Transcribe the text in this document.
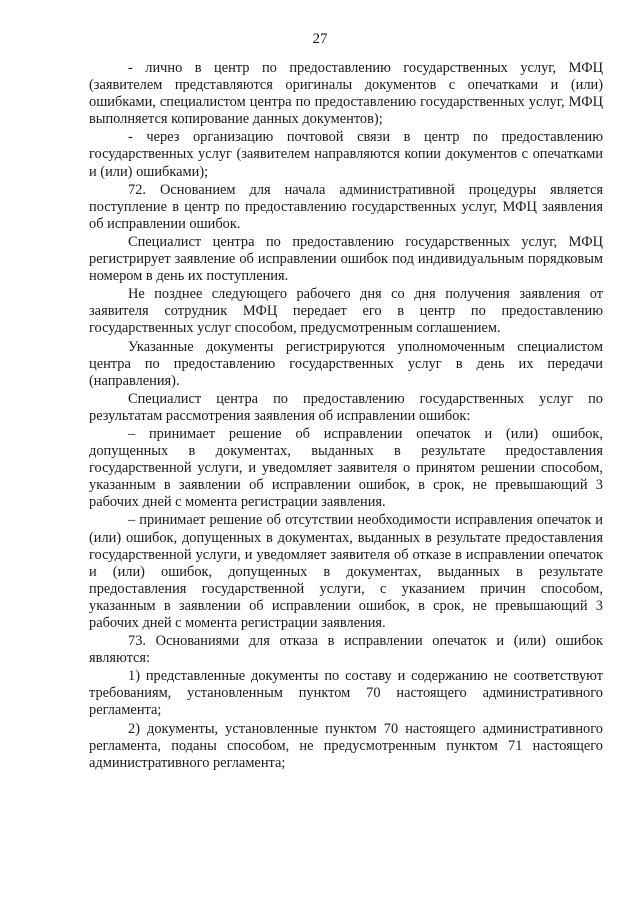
27

- лично в центр по предоставлению государственных услуг, МФЦ (заявителем представляются оригиналы документов с опечатками и (или) ошибками, специалистом центра по предоставлению государственных услуг, МФЦ выполняется копирование данных документов);

- через организацию почтовой связи в центр по предоставлению государственных услуг (заявителем направляются копии документов с опечатками и (или) ошибками);

72. Основанием для начала административной процедуры является поступление в центр по предоставлению государственных услуг, МФЦ заявления об исправлении ошибок.

Специалист центра по предоставлению государственных услуг, МФЦ регистрирует заявление об исправлении ошибок под индивидуальным порядковым номером в день их поступления.

Не позднее следующего рабочего дня со дня получения заявления от заявителя сотрудник МФЦ передает его в центр по предоставлению государственных услуг способом, предусмотренным соглашением.

Указанные документы регистрируются уполномоченным специалистом центра по предоставлению государственных услуг в день их передачи (направления).

Специалист центра по предоставлению государственных услуг по результатам рассмотрения заявления об исправлении ошибок:

– принимает решение об исправлении опечаток и (или) ошибок, допущенных в документах, выданных в результате предоставления государственной услуги, и уведомляет заявителя о принятом решении способом, указанным в заявлении об исправлении ошибок, в срок, не превышающий 3 рабочих дней с момента регистрации заявления.

– принимает решение об отсутствии необходимости исправления опечаток и (или) ошибок, допущенных в документах, выданных в результате предоставления государственной услуги, и уведомляет заявителя об отказе в исправлении опечаток и (или) ошибок, допущенных в документах, выданных в результате предоставления государственной услуги, с указанием причин способом, указанным в заявлении об исправлении ошибок, в срок, не превышающий 3 рабочих дней с момента регистрации заявления.

73. Основаниями для отказа в исправлении опечаток и (или) ошибок являются:

1) представленные документы по составу и содержанию не соответствуют требованиям, установленным пунктом 70 настоящего административного регламента;

2) документы, установленные пунктом 70 настоящего административного регламента, поданы способом, не предусмотренным пунктом 71 настоящего административного регламента;
